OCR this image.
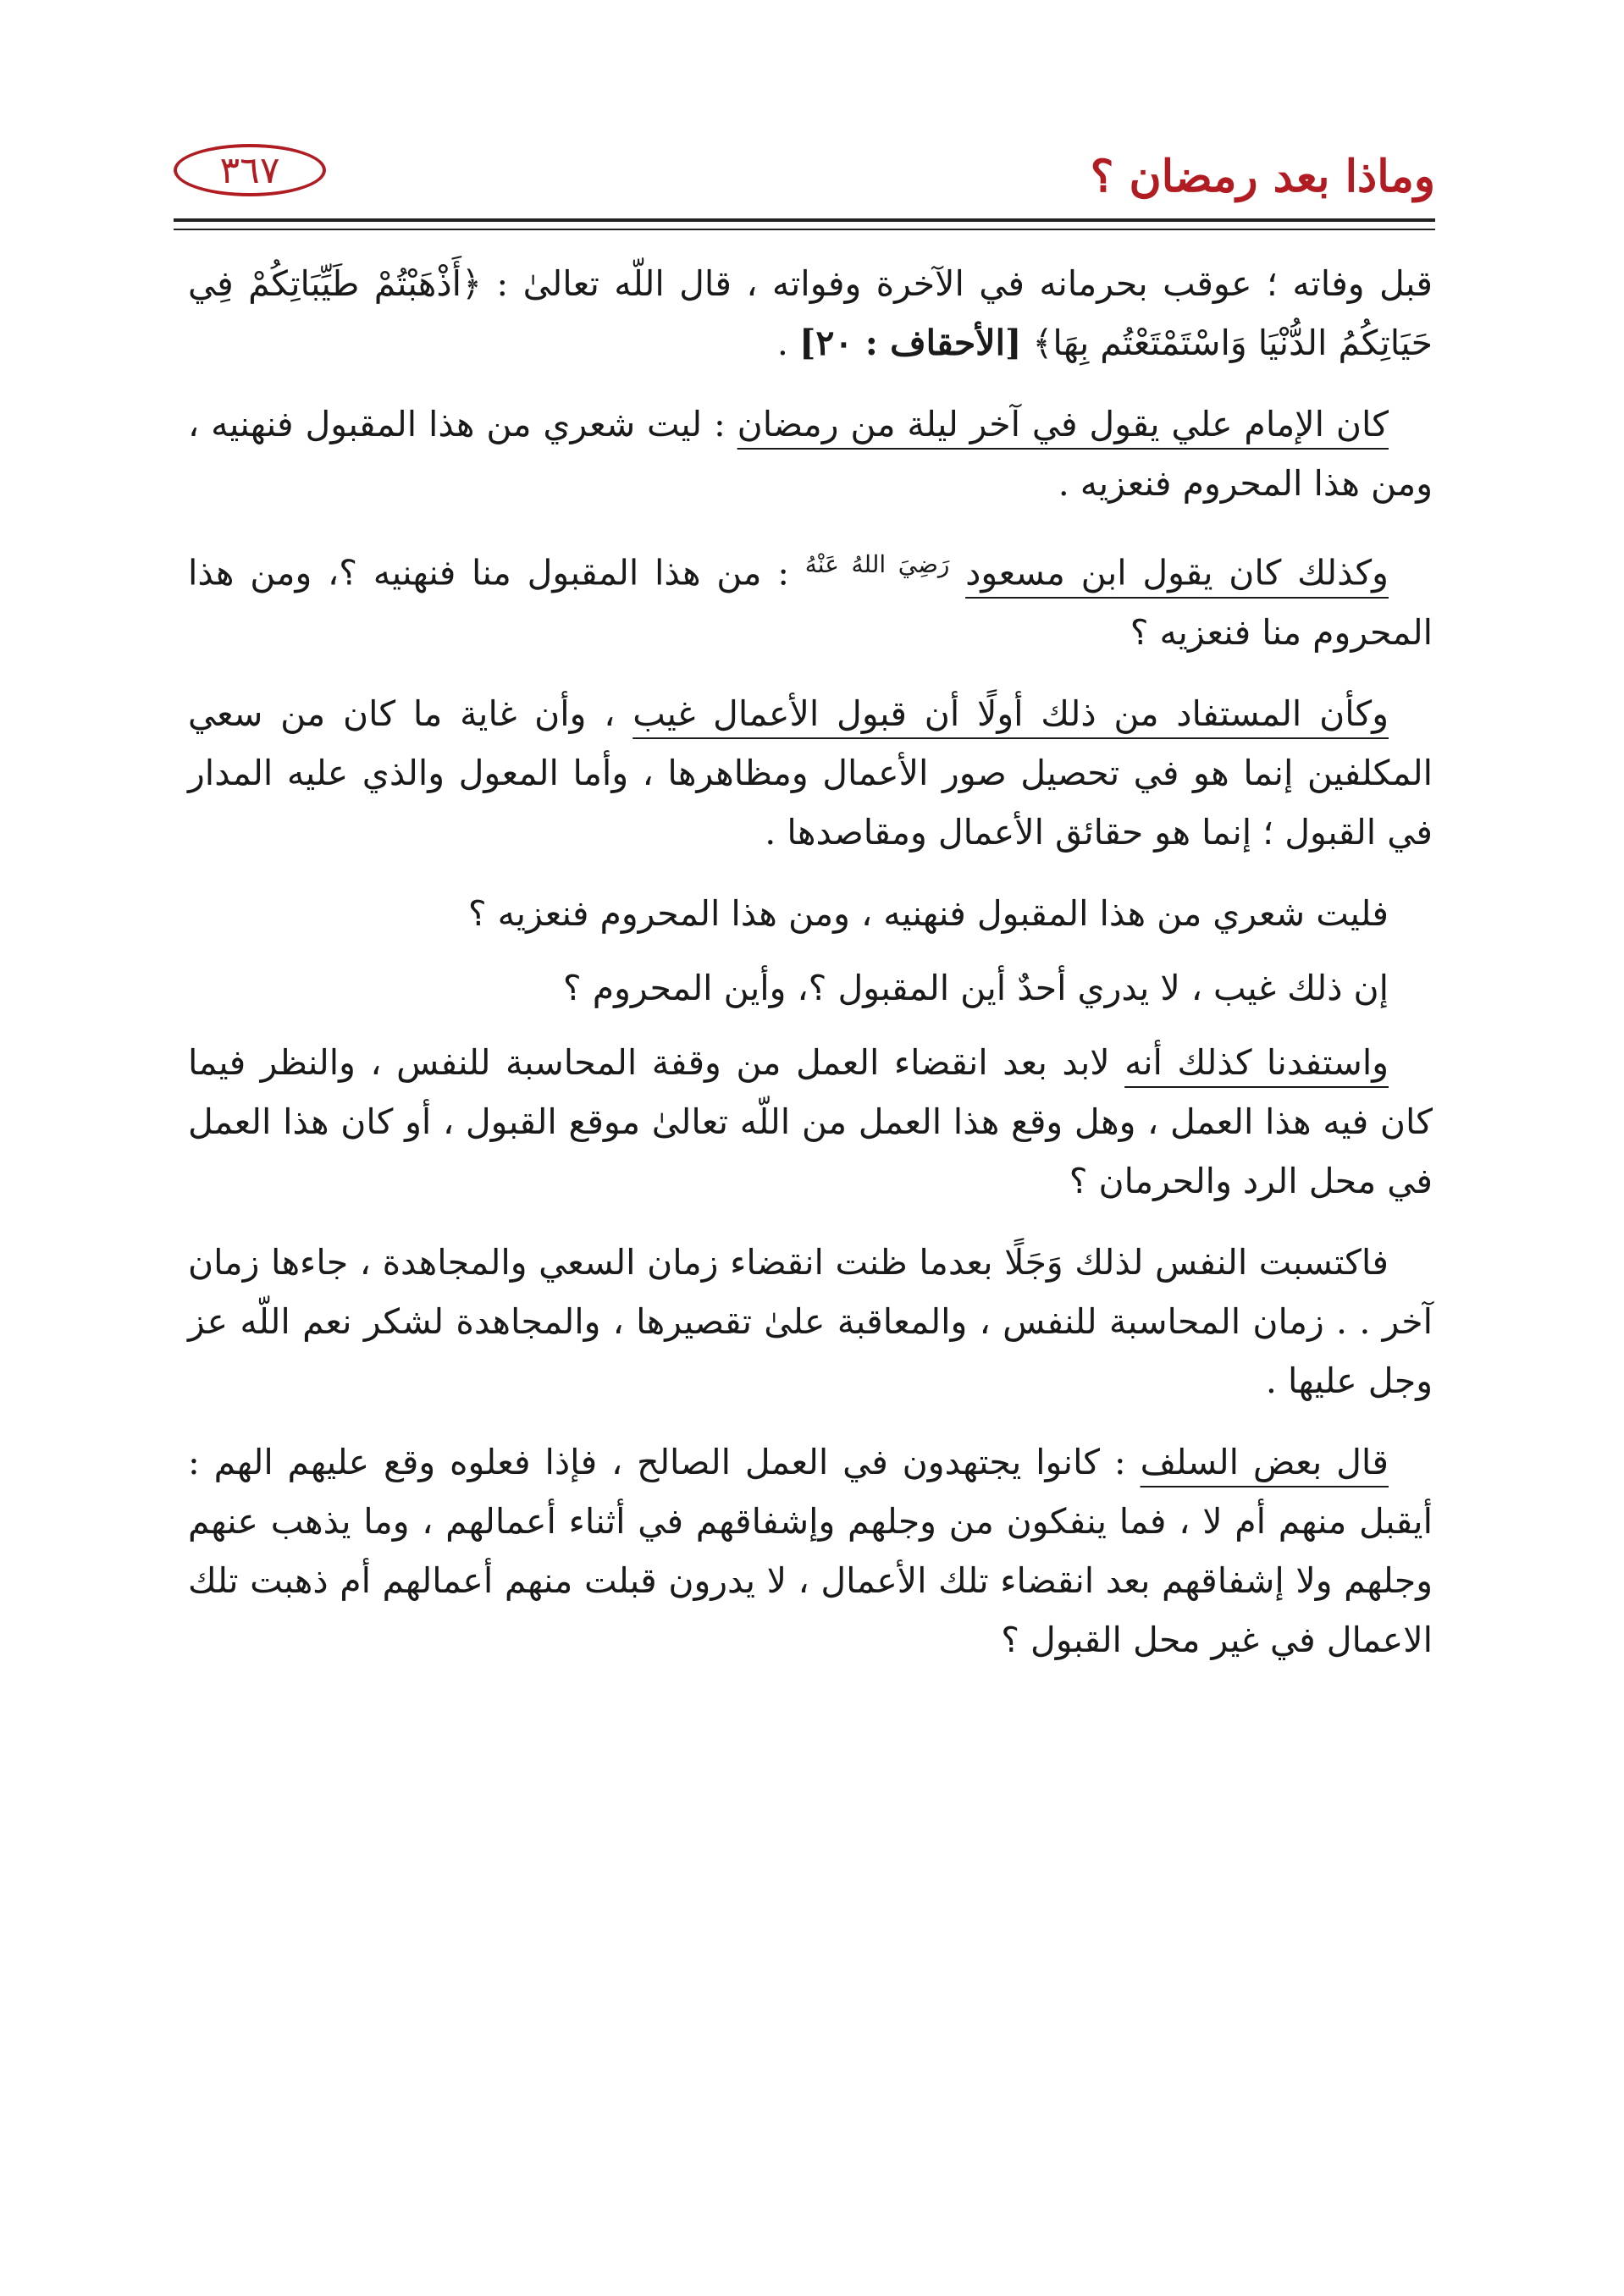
وماذا بعد رمضان ؟
٣٦٧

قبل وفاته ؛ عوقب بحرمانه في الآخرة وفواته ، قال اللّه تعالىٰ : ﴿أَذْهَبْتُمْ طَيِّبَاتِكُمْ فِي حَيَاتِكُمُ الدُّنْيَا وَاسْتَمْتَعْتُم بِهَا﴾ [الأحقاف : ٢٠] .

كان الإمام علي يقول في آخر ليلة من رمضان : ليت شعري من هذا المقبول فنهنيه ، ومن هذا المحروم فنعزيه .

وكذلك كان يقول ابن مسعود $^{رَضِيَ اللهُ عَنْهُ}$ : من هذا المقبول منا فنهنيه ؟، ومن هذا المحروم منا فنعزيه ؟

وكأن المستفاد من ذلك أولًا أن قبول الأعمال غيب ، وأن غاية ما كان من سعي المكلفين إنما هو في تحصيل صور الأعمال ومظاهرها ، وأما المعول والذي عليه المدار في القبول ؛ إنما هو حقائق الأعمال ومقاصدها .

فليت شعري من هذا المقبول فنهنيه ، ومن هذا المحروم فنعزيه ؟

إن ذلك غيب ، لا يدري أحدٌ أين المقبول ؟، وأين المحروم ؟

واستفدنا كذلك أنه لابد بعد انقضاء العمل من وقفة المحاسبة للنفس ، والنظر فيما كان فيه هذا العمل ، وهل وقع هذا العمل من اللّه تعالىٰ موقع القبول ، أو كان هذا العمل في محل الرد والحرمان ؟

فاكتسبت النفس لذلك وَجَلًا بعدما ظنت انقضاء زمان السعي والمجاهدة ، جاءها زمان آخر . . زمان المحاسبة للنفس ، والمعاقبة علىٰ تقصيرها ، والمجاهدة لشكر نعم اللّه عز وجل عليها .

قال بعض السلف : كانوا يجتهدون في العمل الصالح ، فإذا فعلوه وقع عليهم الهم : أيقبل منهم أم لا ، فما ينفكون من وجلهم وإشفاقهم في أثناء أعمالهم ، وما يذهب عنهم وجلهم ولا إشفاقهم بعد انقضاء تلك الأعمال ، لا يدرون قبلت منهم أعمالهم أم ذهبت تلك الاعمال في غير محل القبول ؟
